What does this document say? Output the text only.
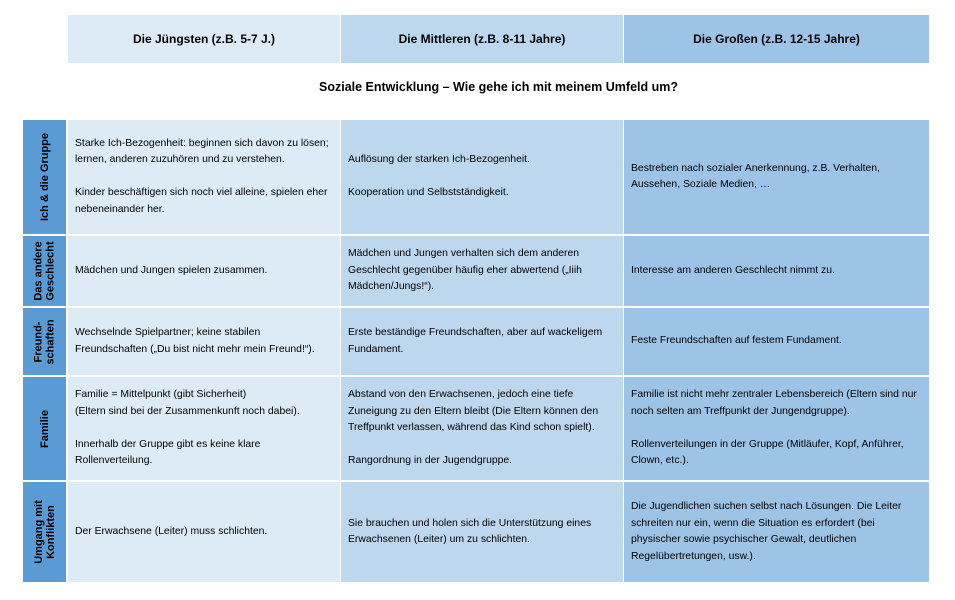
Die Jüngsten (z.B. 5-7 J.)	Die Mittleren (z.B. 8-11 Jahre)	Die Großen (z.B. 12-15 Jahre)
Soziale Entwicklung – Wie gehe ich mit meinem Umfeld um?
Ich & die Gruppe Starke Ich-Bezogenheit: beginnen sich davon zu lösen; lernen, anderen zuzuhören und zu verstehen.

Kinder beschäftigen sich noch viel alleine, spielen eher nebeneinander her.

Auflösung der starken Ich-Bezogenheit.

Kooperation und Selbstständigkeit.

Bestreben nach sozialer Anerkennung, z.B. Verhalten, Aussehen, Soziale Medien, …

Das andere
Geschlecht Mädchen und Jungen spielen zusammen.

Mädchen und Jungen verhalten sich dem anderen Geschlecht gegenüber häufig eher abwertend („Iiih Mädchen/Jungs!“).

Interesse am anderen Geschlecht nimmt zu.

Freund-
schaften Wechselnde Spielpartner; keine stabilen Freundschaften („Du bist nicht mehr mein Freund!“).

Erste beständige Freundschaften, aber auf wackeligem Fundament.

Feste Freundschaften auf festem Fundament.

Familie

Familie = Mittelpunkt (gibt Sicherheit)
(Eltern sind bei der Zusammenkunft noch dabei).

Innerhalb der Gruppe gibt es keine klare Rollenverteilung.

Abstand von den Erwachsenen, jedoch eine tiefe Zuneigung zu den Eltern bleibt (Die Eltern können den Treffpunkt verlassen, während das Kind schon spielt).

Rangordnung in der Jugendgruppe.

Familie ist nicht mehr zentraler Lebensbereich (Eltern sind nur noch selten am Treffpunkt der Jungendgruppe).

Rollenverteilungen in der Gruppe (Mitläufer, Kopf, Anführer, Clown, etc.).

Umgang mit
Konflikten Der Erwachsene (Leiter) muss schlichten.

Sie brauchen und holen sich die Unterstützung eines Erwachsenen (Leiter) um zu schlichten.

Die Jugendlichen suchen selbst nach Lösungen. Die Leiter schreiten nur ein, wenn die Situation es erfordert (bei physischer sowie psychischer Gewalt, deutlichen Regelübertretungen, usw.).
